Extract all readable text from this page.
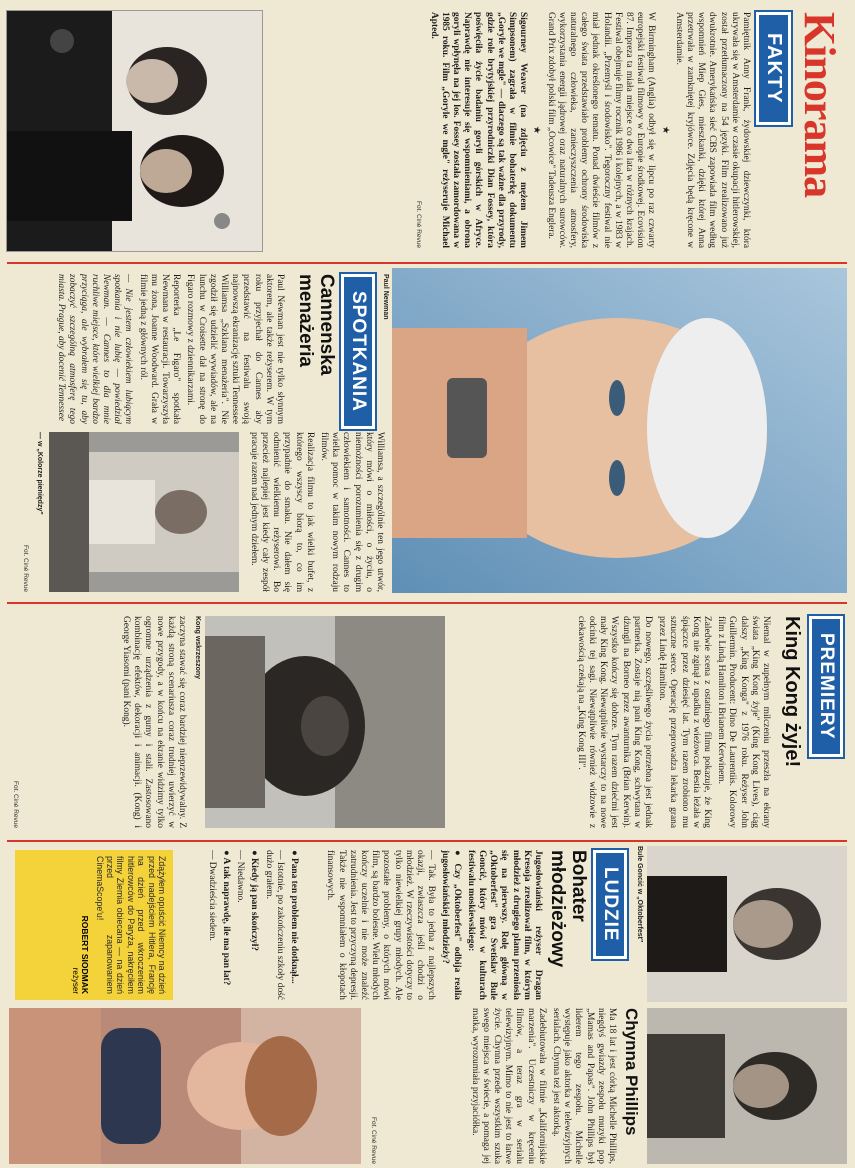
Kinorama
FAKTY

Pamiętnik Anny Frank, żydowskiej dziewczynki, która ukrywała się w Amsterdamie w czasie okupacji hitlerowskiej, został przetłumaczony na 54 języki. Film zrealizowano już dwukrotnie. Amerykańska sieć CBS zapowiada film według wspomnień Miep Gies, mieszkanki, dzięki której Anna przetrwała w zamkniętej kryjówce. Zdjęcia będą kręcone w Amsterdamie.

★

W Birmingham (Anglia) odbył się w lipcu po raz czwarty europejski festiwal filmowy w Europie środkowej. Ecovision 87. Impreza ta miała miejsce co dwa lata w różnych krajach. Festiwal obejmuje filmy rocznik 1986 i kolejnych, a w 1983 w Holandii. „Przemyśl i środowisko". Tegoroczny festiwal nie miał jednak określonego tematu. Ponad dwieście filmów z całego świata przedstawiało problemy ochrony środowiska naturalnego człowieka, zanieczyszczenia atmosfery, wykorzystania energii jądrowej oraz naturalnych surowców. Grand Prix zdobył polski film „Ocowice" Tadeusza Englera.

★

Sigourney Weaver (na zdjęciu z mężem Jimem Simpsonem) zagrała w filmie bohaterkę dokumentu „Goryle we mgle" — dlaczego są tak ważne dla przyrody, gdzie role brytyjskiej przyrodniczki Dian Fossey, która poświęciła życie badaniu goryli górskich w Afryce. Naprawdę nie interesuje się wspomnieniami, a obrona goryli wpłynęła na jej los. Fossey została zamordowana w 1985 roku. Film „Goryle we mgle" reżyseruje Michael Apted.

Fot. Ciné Revue
Paul Newman
SPOTKANIA
Cannenska menażeria

Paul Newman jest nie tylko słynnym aktorem, ale także reżyserem. W tym roku przyjechał do Cannes aby przedstawić na festiwalu swoją najnowszą ekranizację sztuki Tennessee Williamsa „Szklana menażeria". Nie zgodził się udzielić wywiadów, ale na lunchu w Croisette dał na stronę do Figaro rozmowy z dziennikarzami.

Reporterka „Le Figaro" spotkała Newmana w restauracji. Towarzyszyła mu żona, Joanne Woodward. Grała w filmie jedną z głównych ról.

— Nie jestem człowiekiem lubiącym spotkania i nie lubię — powiedział Newman. — Cannes to dla mnie ruchliwe miejsce, które wielkiej bardzo przyciąga, ale wybrałem się tu, aby zobaczyć szczególną atmosferę tego miasta. Prague, aby docenić Tennessee

Williamsa, a szczególnie ten jego utwór, który mówi o miłości, o życiu, o niemożności porozumienia się z drugim człowiekiem i samotności. Cannes to wielka pomoc w takim nowym rodzaju filmów.

Realizacja filmu to jak wielki bufet, z którego wszyscy biorą to, co im przypadnie do smaku. Nie dałem się odmienić wielkiemu reżyserowi. Bo przecież najlepiej jest kiedy cały zespół pracuje razem nad jednym dziełem.

— w „Kolorze pieniędzy"
Fot. Ciné Revue
PREMIERY
King Kong żyje!

Niemal w zupełnym milczeniu przeszła na ekrany świata „King Kong żyje" (King Kong Lives), ciąg dalszy „King Konga" z 1976 roku. Reżyser John Guillermin. Producent: Dino De Laurentiis. Kolorowy film z Lindą Hamilton i Brianem Kerwinem.

Zaledwie scena z ostatniego filmu pokazuje, że King Kong nie zginął z upadku z wieżowca. Bestia leżała w śpiączce przez dziesięć lat. Tym razem zrobiono mu sztuczne serce. Operację przeprowadza lekarka grana przez Lindę Hamilton.

Do nowego, szczęśliwego życia potrzebna jest jednak partnerka. Zostaje nią pani King Kong, schwytana w dżungli na Borneo przez awanturnika (Brian Kerwin). Wszystko kończy się dobrze. Tym razem dziećmi jest mały King Kong. Niewątpliwie wystarczy to na nowe odcinki tej sagi. Niewątpliwie również widzowie z ciekawością czekają na „King Kong III".

Kong wskrzeszony

zaczyna stawać się coraz bardziej nieprzewidywalny. Z każdą stroną scenariusza coraz trudniej uwierzyć w nowe przygody, a w końcu na ekranie widzimy tylko ogromne urządzenia z gumy i stali. Zastosowano kombinację efektów, dekoracji i animacji. (Kong) i George Yiasomi (pani Kong).

Fot. Ciné Revue
Bule Gonciċ w „Oktoberfest"
LUDZIE
Bohater młodzieżowy

Jugosłowiański reżyser Dragan Kresoja zrealizował film, w którym młodzież z drugiego planu przeniosła się na pierwszy. Rolę główną w „Oktoberfest" gra Svetislav Bule Gonciċ, który mówi w kulturach festiwalu moskiewskiego:

● Czy „Oktoberfest" odbija realia jugosłowiańskiej młodzieży?

— Tak. Była to jedna z najlepszych okazji, zwłaszcza jeśli chodzi o młodzież. W rzeczywistości dotyczy to tylko niewielkiej grupy młodych. Ale pozostałe problemy, o których mówi film, są bardzo bolesne. Wielu młodych kończy uczelnie i nie może znaleźć zatrudnienia. Jest to przyczyną depresji. Także nie wspomniałem o kłopotach finansowych.

● Pana ten problem nie dotknął...

— Istotnie, po zakończeniu szkoły dość dużo grałem.

● Kiedy ją pan skończył?

— Niedawno.

● A tak naprawdę, ile ma pan lat?

— Dwadzieścia siedem.

Zdążyłem opuścić Niemcy na dzień przed nadejściem Hitlera, Francję na dzień przed wkroczeniem hitlerowców do Paryża, nakręciłem filmy Ziemia obiecana — na dzień przed zapanowaniem CinemaScope'u!
ROBERT SIODMAK
reżyser
Chynna Phillips

Ma 18 lat i jest córką Michelle Phillips, niegdyś gwiazdy zespołu muzyki pop „Mamas and Papas". John Phillips był liderem tego zespołu. Michelle występuje jako aktorka w telewizyjnych serialach. Chynna też jest aktorką.

Zadebiutowała w filmie „Kalifornijskie marzenia". Uczestniczy w kręceniu filmów, a teraz gra w serialu telewizyjnym. Mimo to nie jest to łatwe życie. Chynna przede wszystkim szuka swego miejsca w świecie, a pomaga jej matka, wyrozumiała przyjaciółka.

Fot. Ciné Revue
